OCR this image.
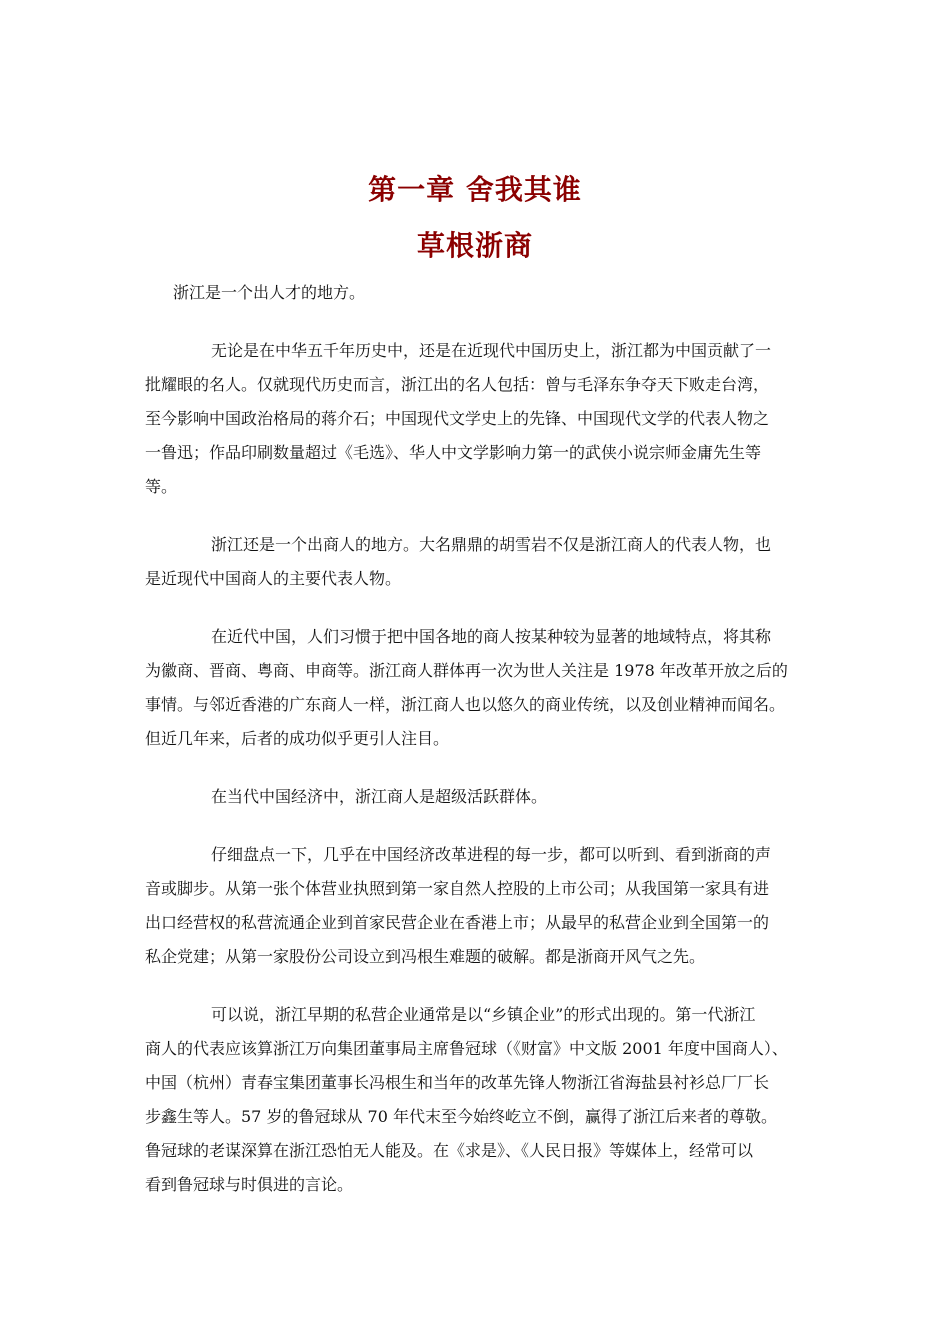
第一章 舍我其谁
草根浙商
浙江是一个出人才的地方。
无论是在中华五千年历史中，还是在近现代中国历史上，浙江都为中国贡献了一
批耀眼的名人。仅就现代历史而言，浙江出的名人包括：曾与毛泽东争夺天下败走台湾，
至今影响中国政治格局的蒋介石；中国现代文学史上的先锋、中国现代文学的代表人物之
一鲁迅；作品印刷数量超过《毛选》、华人中文学影响力第一的武侠小说宗师金庸先生等
等。
浙江还是一个出商人的地方。大名鼎鼎的胡雪岩不仅是浙江商人的代表人物，也
是近现代中国商人的主要代表人物。
在近代中国，人们习惯于把中国各地的商人按某种较为显著的地域特点，将其称
为徽商、晋商、粤商、申商等。浙江商人群体再一次为世人关注是 1978 年改革开放之后的
事情。与邻近香港的广东商人一样，浙江商人也以悠久的商业传统，以及创业精神而闻名。
但近几年来，后者的成功似乎更引人注目。
在当代中国经济中，浙江商人是超级活跃群体。
仔细盘点一下，几乎在中国经济改革进程的每一步，都可以听到、看到浙商的声
音或脚步。从第一张个体营业执照到第一家自然人控股的上市公司；从我国第一家具有进
出口经营权的私营流通企业到首家民营企业在香港上市；从最早的私营企业到全国第一的
私企党建；从第一家股份公司设立到冯根生难题的破解。都是浙商开风气之先。
可以说，浙江早期的私营企业通常是以“乡镇企业”的形式出现的。第一代浙江
商人的代表应该算浙江万向集团董事局主席鲁冠球（《财富》中文版 2001 年度中国商人）、
中国（杭州）青春宝集团董事长冯根生和当年的改革先锋人物浙江省海盐县衬衫总厂厂长
步鑫生等人。57 岁的鲁冠球从 70 年代末至今始终屹立不倒，赢得了浙江后来者的尊敬。
鲁冠球的老谋深算在浙江恐怕无人能及。在《求是》、《人民日报》等媒体上，经常可以
看到鲁冠球与时俱进的言论。
